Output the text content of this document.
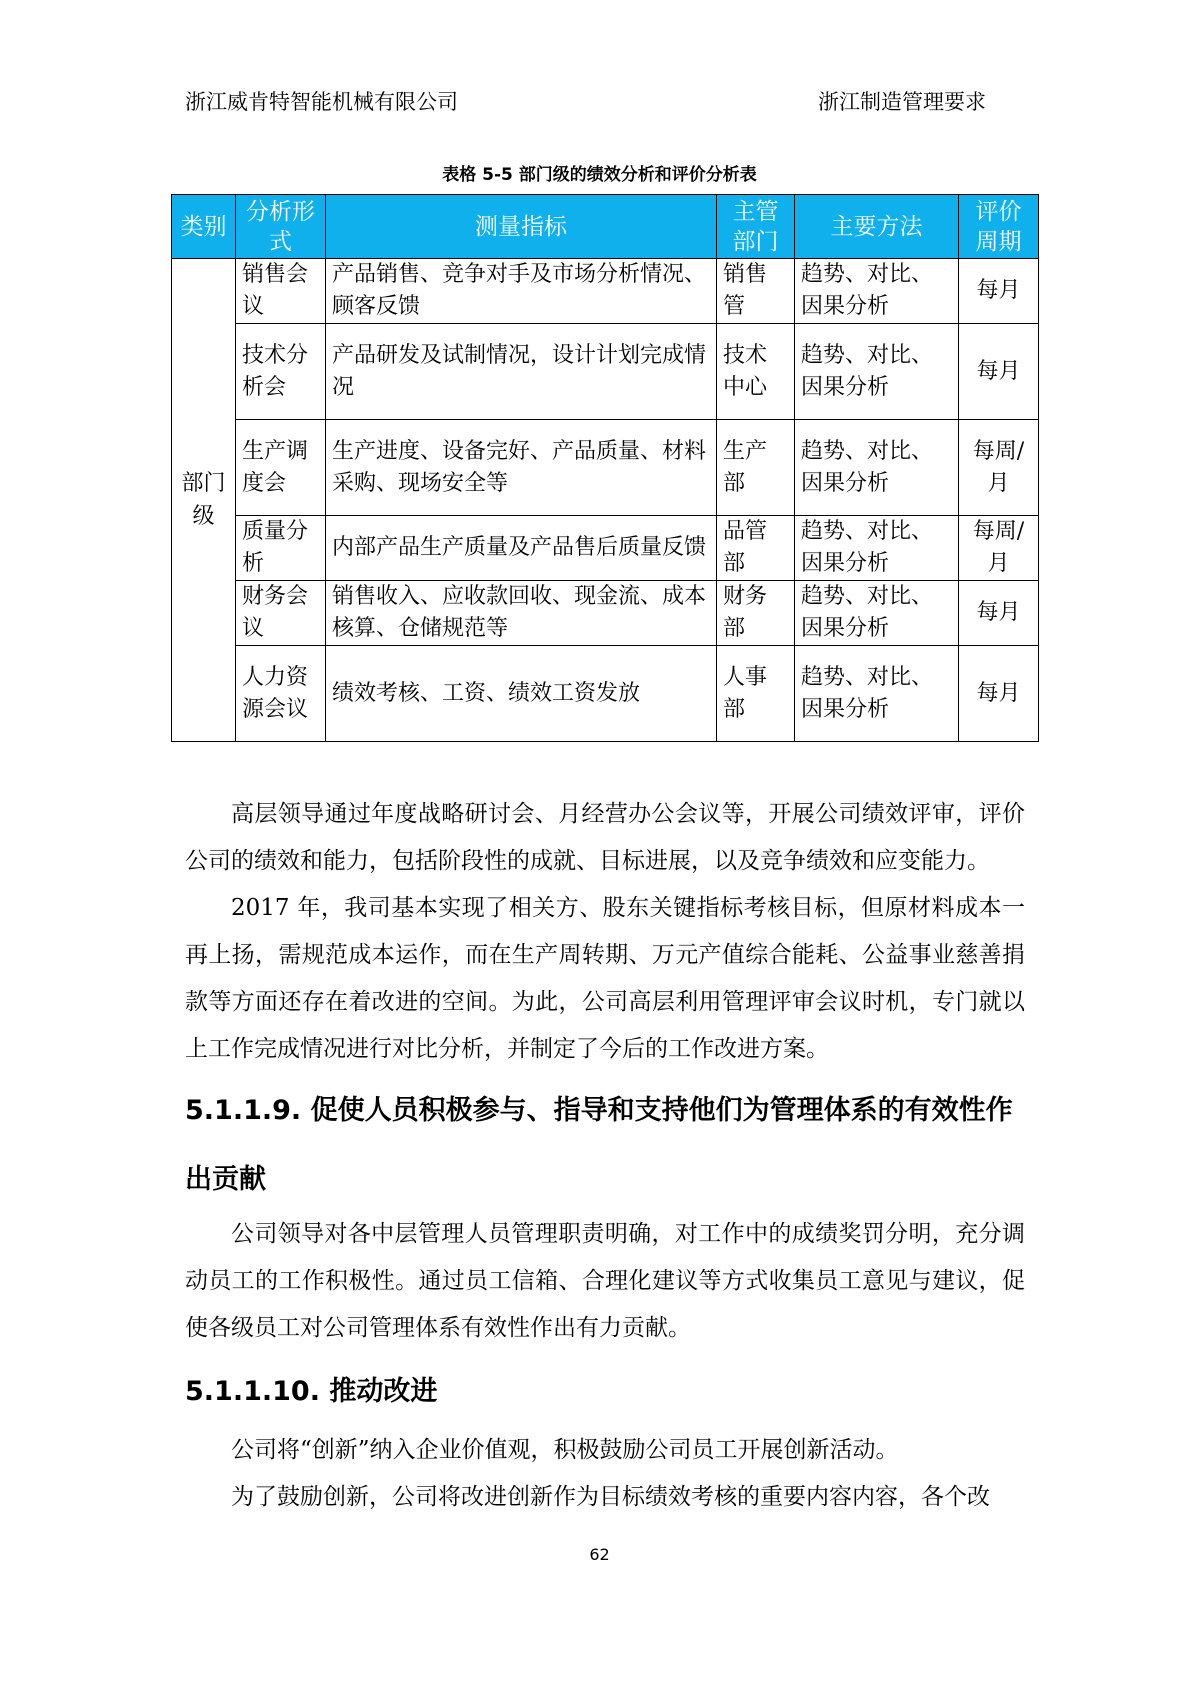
浙江威肯特智能机械有限公司	浙江制造管理要求
表格 5-5 部门级的绩效分析和评价分析表
类别	分析形式	测量指标	主管部门	主要方法	评价周期
部门级	销售会议	产品销售、竞争对手及市场分析情况、顾客反馈	销售管	趋势、对比、因果分析	每月
	技术分析会	产品研发及试制情况，设计计划完成情况	技术中心	趋势、对比、因果分析	每月
	生产调度会	生产进度、设备完好、产品质量、材料采购、现场安全等	生产部	趋势、对比、因果分析	每周/月
	质量分析	内部产品生产质量及产品售后质量反馈	品管部	趋势、对比、因果分析	每周/月
	财务会议	销售收入、应收款回收、现金流、成本核算、仓储规范等	财务部	趋势、对比、因果分析	每月
	人力资源会议	绩效考核、工资、绩效工资发放	人事部	趋势、对比、因果分析	每月
高层领导通过年度战略研讨会、月经营办公会议等，开展公司绩效评审，评价公司的绩效和能力，包括阶段性的成就、目标进展，以及竞争绩效和应变能力。
2017 年，我司基本实现了相关方、股东关键指标考核目标，但原材料成本一再上扬，需规范成本运作，而在生产周转期、万元产值综合能耗、公益事业慈善捐款等方面还存在着改进的空间。为此，公司高层利用管理评审会议时机，专门就以上工作完成情况进行对比分析，并制定了今后的工作改进方案。
5.1.1.9. 促使人员积极参与、指导和支持他们为管理体系的有效性作出贡献
公司领导对各中层管理人员管理职责明确，对工作中的成绩奖罚分明，充分调动员工的工作积极性。通过员工信箱、合理化建议等方式收集员工意见与建议，促使各级员工对公司管理体系有效性作出有力贡献。
5.1.1.10. 推动改进
公司将“创新”纳入企业价值观，积极鼓励公司员工开展创新活动。
为了鼓励创新，公司将改进创新作为目标绩效考核的重要内容内容，各个改
62
